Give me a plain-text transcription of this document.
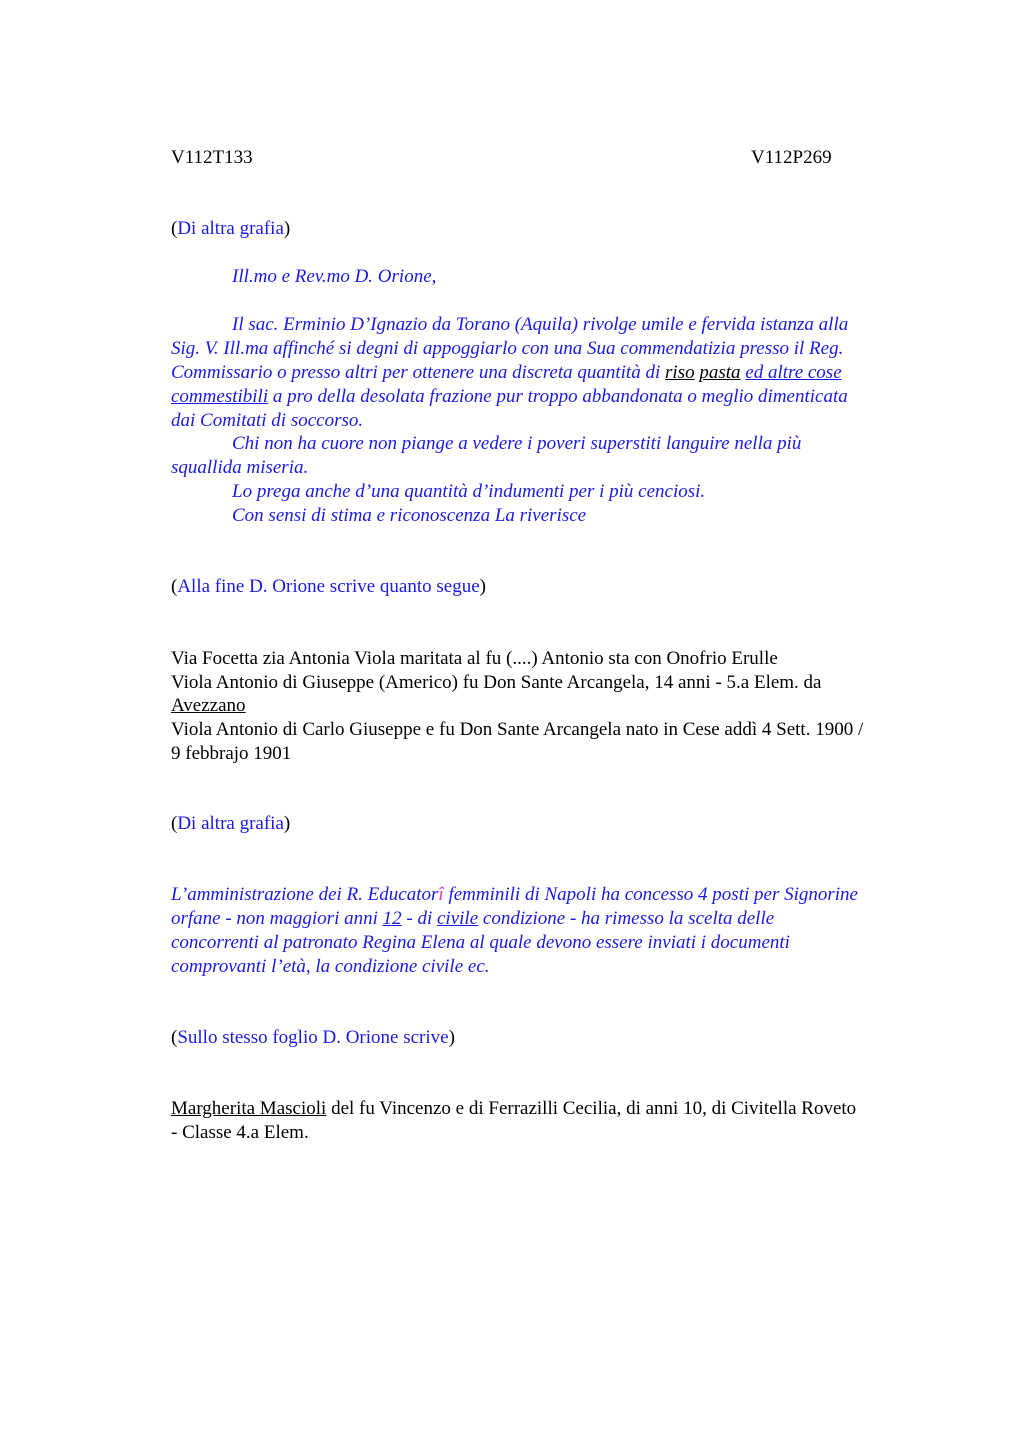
V112T133	V112P269
(Di altra grafia)
Ill.mo e Rev.mo D. Orione,
Il sac. Erminio D’Ignazio da Torano (Aquila) rivolge umile e fervida istanza alla
Sig. V. Ill.ma affinché si degni di appoggiarlo con una Sua commendatizia presso il Reg.
Commissario o presso altri per ottenere una discreta quantità di riso pasta ed altre cose
commestibili a pro della desolata frazione pur troppo abbandonata o meglio dimenticata
dai Comitati di soccorso.
Chi non ha cuore non piange a vedere i poveri superstiti languire nella più
squallida miseria.
Lo prega anche d’una quantità d’indumenti per i più cenciosi.
Con sensi di stima e riconoscenza La riverisce
(Alla fine D. Orione scrive quanto segue)
Via Focetta zia Antonia Viola maritata al fu (....) Antonio sta con Onofrio Erulle
Viola Antonio di Giuseppe (Americo) fu Don Sante Arcangela, 14 anni - 5.a Elem. da
Avezzano
Viola Antonio di Carlo Giuseppe e fu Don Sante Arcangela nato in Cese addì 4 Sett. 1900 /
9 febbrajo 1901
(Di altra grafia)
L’amministrazione dei R. Educatorî femminili di Napoli ha concesso 4 posti per Signorine
orfane - non maggiori anni 12 - di civile condizione - ha rimesso la scelta delle
concorrenti al patronato Regina Elena al quale devono essere inviati i documenti
comprovanti l’età, la condizione civile ec.
(Sullo stesso foglio D. Orione scrive)
Margherita Mascioli del fu Vincenzo e di Ferrazilli Cecilia, di anni 10, di Civitella Roveto
- Classe 4.a Elem.
